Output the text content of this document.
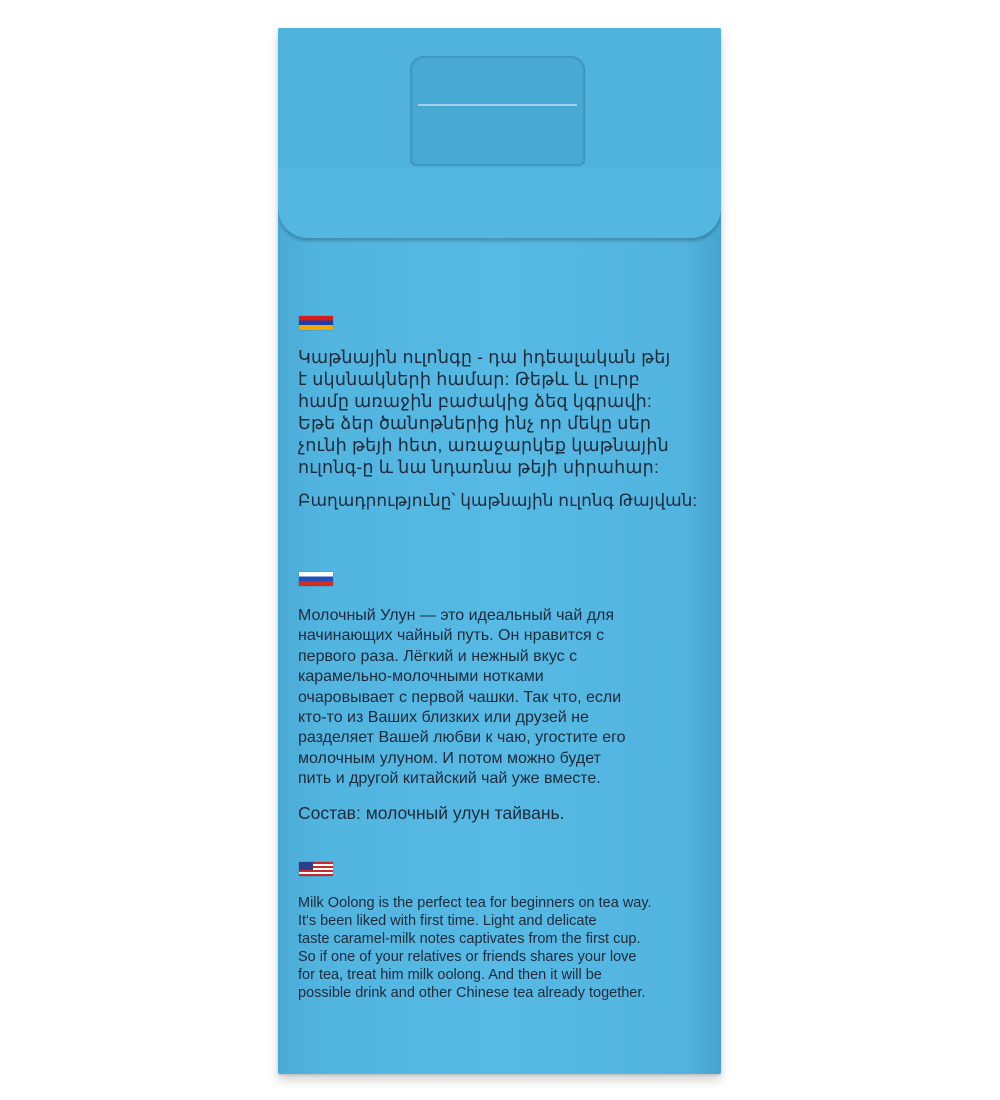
Կաթնային ուլոնգը - դա իդեալական թեյ
է սկսնակների համար: Թեթև և լուրբ
համը առաջին բաժակից ձեզ կգրավի:
Եթե ձեր ծանոթներից ինչ որ մեկը սեր
չունի թեյի հետ, առաջարկեք կաթնային
ուլոնգ-ը և նա նդառնա թեյի սիրահար:

Բաղադրությունը՝ կաթնային ուլոնգ Թայվան:

Молочный Улун — это идеальный чай для
начинающих чайный путь. Он нравится с
первого раза. Лёгкий и нежный вкус с
карамельно-молочными нотками
очаровывает с первой чашки. Так что, если
кто-то из Ваших близких или друзей не
разделяет Вашей любви к чаю, угостите его
молочным улуном. И потом можно будет
пить и другой китайский чай уже вместе.

Состав: молочный улун тайвань.

Milk Oolong is the perfect tea for beginners on tea way.
It's been liked with first time. Light and delicate
taste caramel-milk notes captivates from the first cup.
So if one of your relatives or friends shares your love
for tea, treat him milk oolong. And then it will be
possible drink and other Chinese tea already together.
